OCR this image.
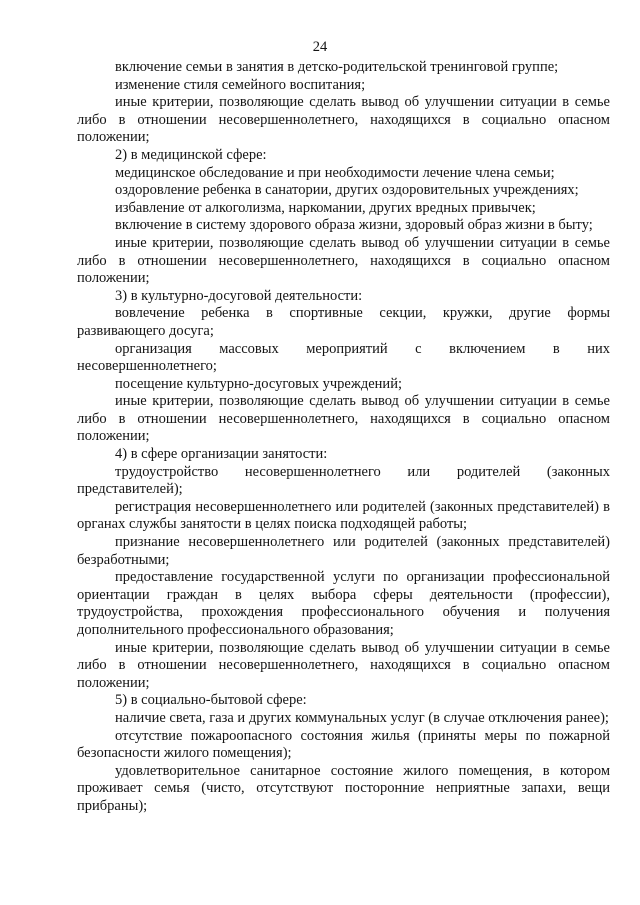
24

включение семьи в занятия в детско-родительской тренинговой группе;

изменение стиля семейного воспитания;

иные критерии, позволяющие сделать вывод об улучшении ситуации в семье либо в отношении несовершеннолетнего, находящихся в социально опасном положении;

2) в медицинской сфере:

медицинское обследование и при необходимости лечение члена семьи;

оздоровление ребенка в санатории, других оздоровительных учреждениях;

избавление от алкоголизма, наркомании, других вредных привычек;

включение в систему здорового образа жизни, здоровый образ жизни в быту;

иные критерии, позволяющие сделать вывод об улучшении ситуации в семье либо в отношении несовершеннолетнего, находящихся в социально опасном положении;

3) в культурно-досуговой деятельности:

вовлечение ребенка в спортивные секции, кружки, другие формы развивающего досуга;

организация массовых мероприятий с включением в них несовершеннолетнего;

посещение культурно-досуговых учреждений;

иные критерии, позволяющие сделать вывод об улучшении ситуации в семье либо в отношении несовершеннолетнего, находящихся в социально опасном положении;

4) в сфере организации занятости:

трудоустройство несовершеннолетнего или родителей (законных представителей);

регистрация несовершеннолетнего или родителей (законных представителей) в органах службы занятости в целях поиска подходящей работы;

признание несовершеннолетнего или родителей (законных представителей) безработными;

предоставление государственной услуги по организации профессиональной ориентации граждан в целях выбора сферы деятельности (профессии), трудоустройства, прохождения профессионального обучения и получения дополнительного профессионального образования;

иные критерии, позволяющие сделать вывод об улучшении ситуации в семье либо в отношении несовершеннолетнего, находящихся в социально опасном положении;

5) в социально-бытовой сфере:

наличие света, газа и других коммунальных услуг (в случае отключения ранее);

отсутствие пожароопасного состояния жилья (приняты меры по пожарной безопасности жилого помещения);

удовлетворительное санитарное состояние жилого помещения, в котором проживает семья (чисто, отсутствуют посторонние неприятные запахи, вещи прибраны);
